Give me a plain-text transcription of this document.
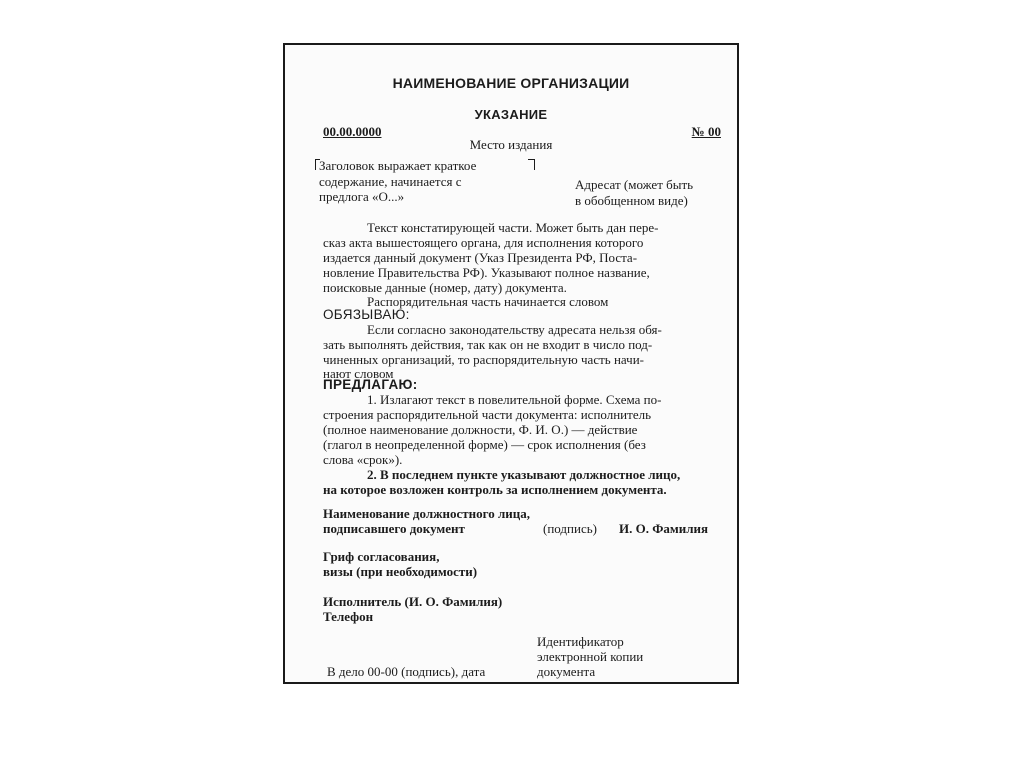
НАИМЕНОВАНИЕ ОРГАНИЗАЦИИ
УКАЗАНИЕ
00.00.0000	№ 00
Место издания
Заголовок выражает краткое
содержание, начинается с
предлога «О...»
Адресат (может быть
в обобщенном виде)
Текст констатирующей части. Может быть дан пере-
сказ акта вышестоящего органа, для исполнения которого
издается данный документ (Указ Президента РФ, Поста-
новление Правительства РФ). Указывают полное название,
поисковые данные (номер, дату) документа.
Распорядительная часть начинается словом
ОБЯЗЫВАЮ:
Если согласно законодательству адресата нельзя обя-
зать выполнять действия, так как он не входит в число под-
чиненных организаций, то распорядительную часть начи-
нают словом
ПРЕДЛАГАЮ:
1. Излагают текст в повелительной форме. Схема по-
строения распорядительной части документа: исполнитель
(полное наименование должности, Ф. И. О.) — действие
(глагол в неопределенной форме) — срок исполнения (без
слова «срок»).
2. В последнем пункте указывают должностное лицо,
на которое возложен контроль за исполнением документа.
Наименование должностного лица,
подписавшего документ	(подпись) И. О. Фамилия
Гриф согласования,
визы (при необходимости)
Исполнитель (И. О. Фамилия)
Телефон
Идентификатор
электронной копии
документа
В дело 00-00 (подпись), дата
